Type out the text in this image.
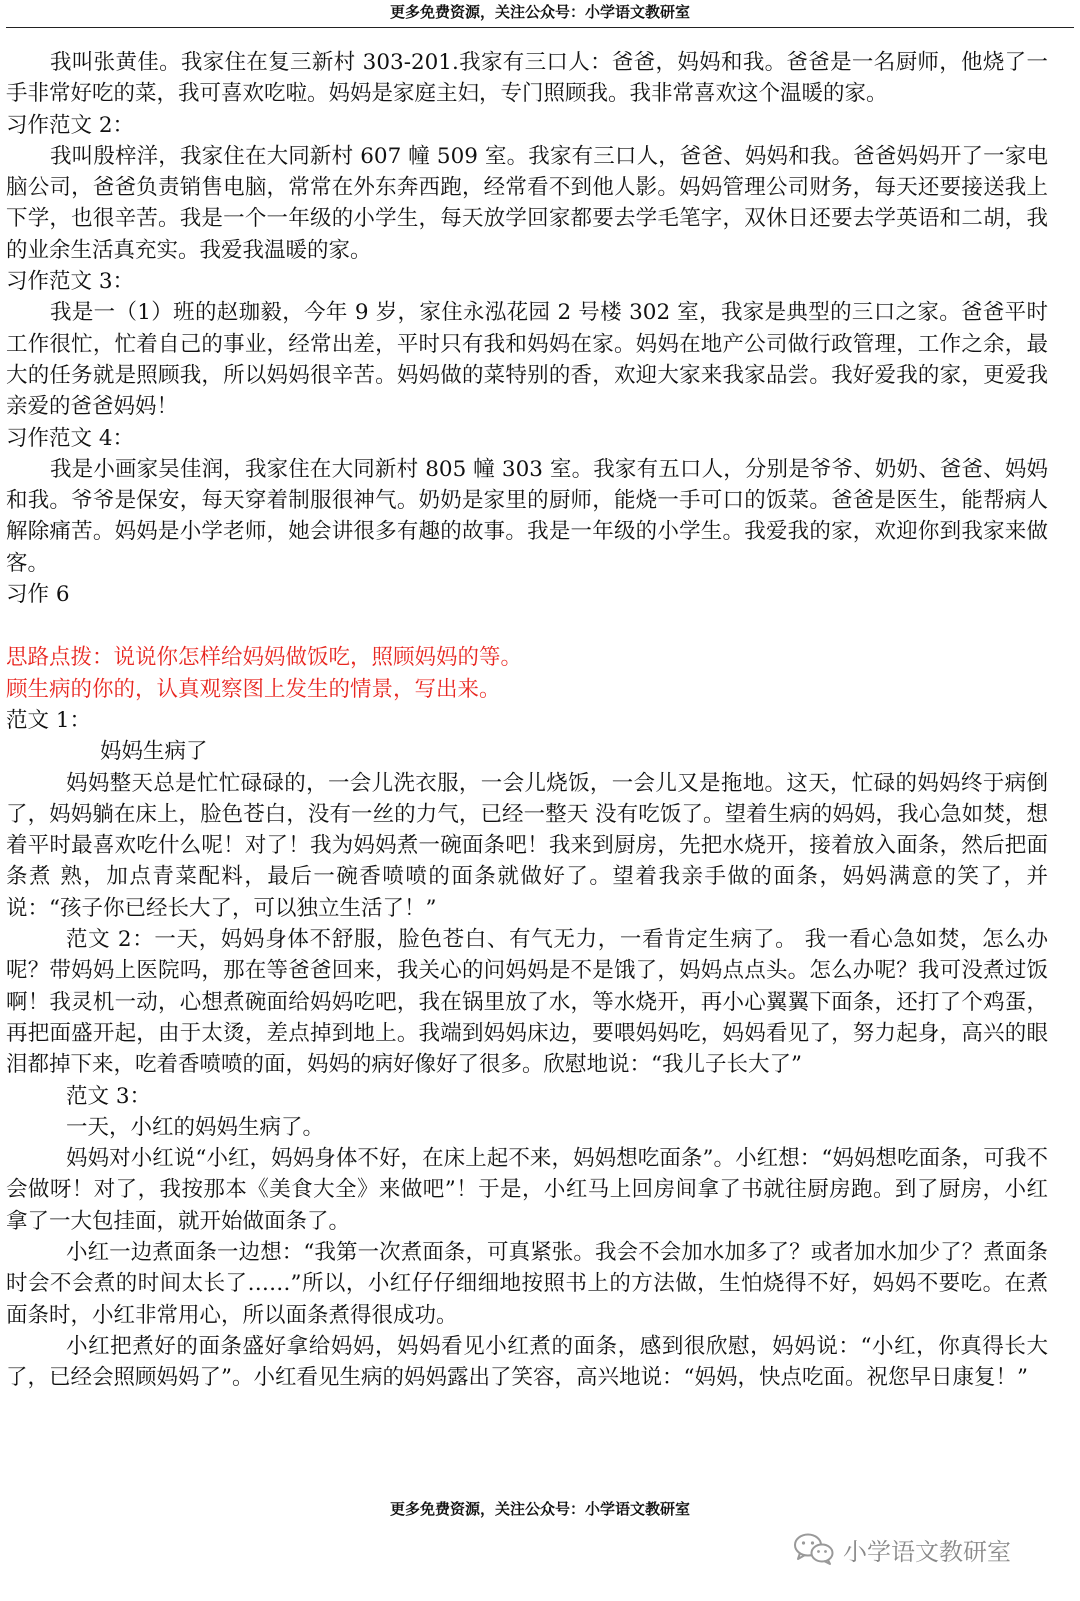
更多免费资源，关注公众号：小学语文教研室

我叫张黄佳。我家住在复三新村 303-201.我家有三口人：爸爸，妈妈和我。爸爸是一名厨师，他烧了一手非常好吃的菜，我可喜欢吃啦。妈妈是家庭主妇，专门照顾我。我非常喜欢这个温暖的家。

习作范文 2：

我叫殷梓洋，我家住在大同新村 607 幢 509 室。我家有三口人，爸爸、妈妈和我。爸爸妈妈开了一家电脑公司，爸爸负责销售电脑，常常在外东奔西跑，经常看不到他人影。妈妈管理公司财务，每天还要接送我上下学，也很辛苦。我是一个一年级的小学生，每天放学回家都要去学毛笔字，双休日还要去学英语和二胡，我的业余生活真充实。我爱我温暖的家。

习作范文 3：

我是一（1）班的赵珈毅，今年 9 岁，家住永泓花园 2 号楼 302 室，我家是典型的三口之家。爸爸平时工作很忙，忙着自己的事业，经常出差，平时只有我和妈妈在家。妈妈在地产公司做行政管理，工作之余，最大的任务就是照顾我，所以妈妈很辛苦。妈妈做的菜特别的香，欢迎大家来我家品尝。我好爱我的家，更爱我亲爱的爸爸妈妈！

习作范文 4：

我是小画家吴佳润，我家住在大同新村 805 幢 303 室。我家有五口人，分别是爷爷、奶奶、爸爸、妈妈和我。爷爷是保安，每天穿着制服很神气。奶奶是家里的厨师，能烧一手可口的饭菜。爸爸是医生，能帮病人解除痛苦。妈妈是小学老师，她会讲很多有趣的故事。我是一年级的小学生。我爱我的家，欢迎你到我家来做客。

习作 6

思路点拨：说说你怎样给妈妈做饭吃，照顾妈妈的等。

顾生病的你的，认真观察图上发生的情景，写出来。

范文 1：

妈妈生病了

妈妈整天总是忙忙碌碌的，一会儿洗衣服，一会儿烧饭，一会儿又是拖地。这天，忙碌的妈妈终于病倒了，妈妈躺在床上，脸色苍白，没有一丝的力气，已经一整天 没有吃饭了。望着生病的妈妈，我心急如焚，想着平时最喜欢吃什么呢！对了！我为妈妈煮一碗面条吧！我来到厨房，先把水烧开，接着放入面条，然后把面条煮 熟，加点青菜配料，最后一碗香喷喷的面条就做好了。望着我亲手做的面条，妈妈满意的笑了，并说：“孩子你已经长大了，可以独立生活了！”

范文 2：一天，妈妈身体不舒服，脸色苍白、有气无力，一看肯定生病了。 我一看心急如焚，怎么办呢？带妈妈上医院吗，那在等爸爸回来，我关心的问妈妈是不是饿了，妈妈点点头。怎么办呢？我可没煮过饭啊！我灵机一动，心想煮碗面给妈妈吃吧，我在锅里放了水，等水烧开，再小心翼翼下面条，还打了个鸡蛋，再把面盛开起，由于太烫，差点掉到地上。我端到妈妈床边，要喂妈妈吃，妈妈看见了，努力起身，高兴的眼泪都掉下来，吃着香喷喷的面，妈妈的病好像好了很多。欣慰地说：“我儿子长大了”

范文 3：

一天，小红的妈妈生病了。

妈妈对小红说“小红，妈妈身体不好，在床上起不来，妈妈想吃面条”。小红想：“妈妈想吃面条，可我不会做呀！对了，我按那本《美食大全》来做吧”！于是，小红马上回房间拿了书就往厨房跑。到了厨房，小红拿了一大包挂面，就开始做面条了。

小红一边煮面条一边想：“我第一次煮面条，可真紧张。我会不会加水加多了？或者加水加少了？煮面条时会不会煮的时间太长了……”所以，小红仔仔细细地按照书上的方法做，生怕烧得不好，妈妈不要吃。在煮面条时，小红非常用心，所以面条煮得很成功。

小红把煮好的面条盛好拿给妈妈，妈妈看见小红煮的面条，感到很欣慰，妈妈说：“小红，你真得长大了，已经会照顾妈妈了”。小红看见生病的妈妈露出了笑容，高兴地说：“妈妈，快点吃面。祝您早日康复！”

更多免费资源，关注公众号：小学语文教研室
小学语文教研室
